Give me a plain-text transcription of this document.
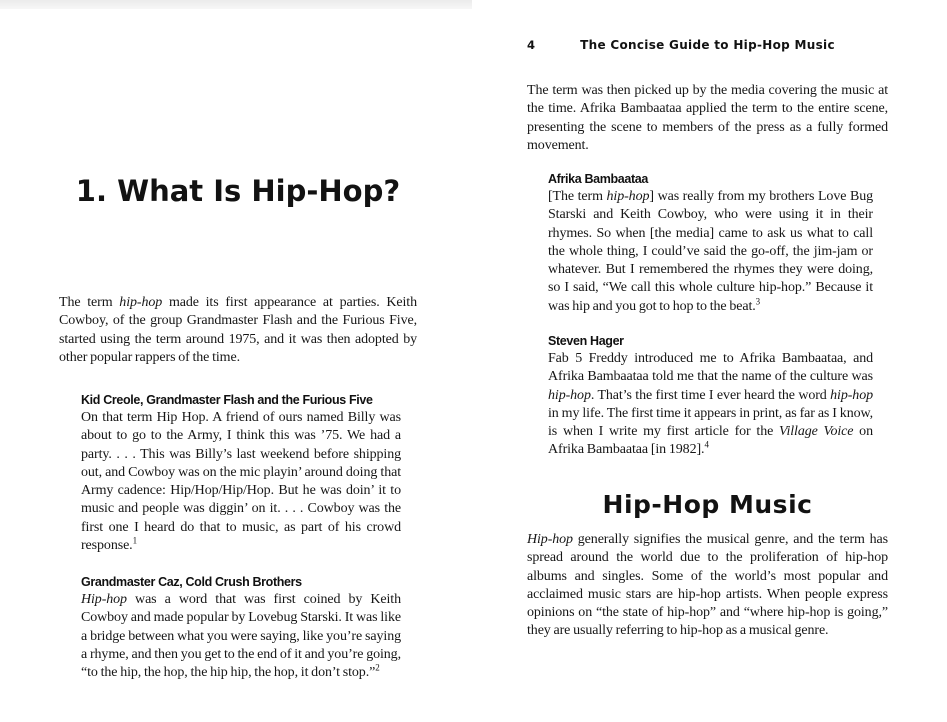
1. What Is Hip-Hop?

The term hip-hop made its first appearance at parties. Keith Cowboy, of the group Grandmaster Flash and the Furious Five, started using the term around 1975, and it was then adopted by other popular rappers of the time.

Kid Creole, Grandmaster Flash and the Furious Five

On that term Hip Hop. A friend of ours named Billy was about to go to the Army, I think this was ’75. We had a party. . . . This was Billy’s last weekend before shipping out, and Cowboy was on the mic playin’ around doing that Army cadence: Hip/Hop/Hip/Hop. But he was doin’ it to music and people was diggin’ on it. . . . Cowboy was the first one I heard do that to music, as part of his crowd response.$^1$

Grandmaster Caz, Cold Crush Brothers

Hip-hop was a word that was first coined by Keith Cowboy and made popular by Lovebug Starski. It was like a bridge between what you were saying, like you’re saying a rhyme, and then you get to the end of it and you’re going, “to the hip, the hop, the hip hip, the hop, it don’t stop.”$^2$

4	The Concise Guide to Hip-Hop Music

The term was then picked up by the media covering the music at the time. Afrika Bambaataa applied the term to the entire scene, presenting the scene to members of the press as a fully formed movement.

Afrika Bambaataa

[The term hip-hop] was really from my brothers Love Bug Starski and Keith Cowboy, who were using it in their rhymes. So when [the media] came to ask us what to call the whole thing, I could’ve said the go-off, the jim-jam or whatever. But I remembered the rhymes they were doing, so I said, “We call this whole culture hip-hop.” Because it was hip and you got to hop to the beat.$^3$

Steven Hager

Fab 5 Freddy introduced me to Afrika Bambaataa, and Afrika Bambaataa told me that the name of the culture was hip-hop. That’s the first time I ever heard the word hip-hop in my life. The first time it appears in print, as far as I know, is when I write my first article for the Village Voice on Afrika Bambaataa [in 1982].$^4$

Hip-Hop Music

Hip-hop generally signifies the musical genre, and the term has spread around the world due to the proliferation of hip-hop albums and singles. Some of the world’s most popular and acclaimed music stars are hip-hop artists. When people express opinions on “the state of hip-hop” and “where hip-hop is going,” they are usually referring to hip-hop as a musical genre.
